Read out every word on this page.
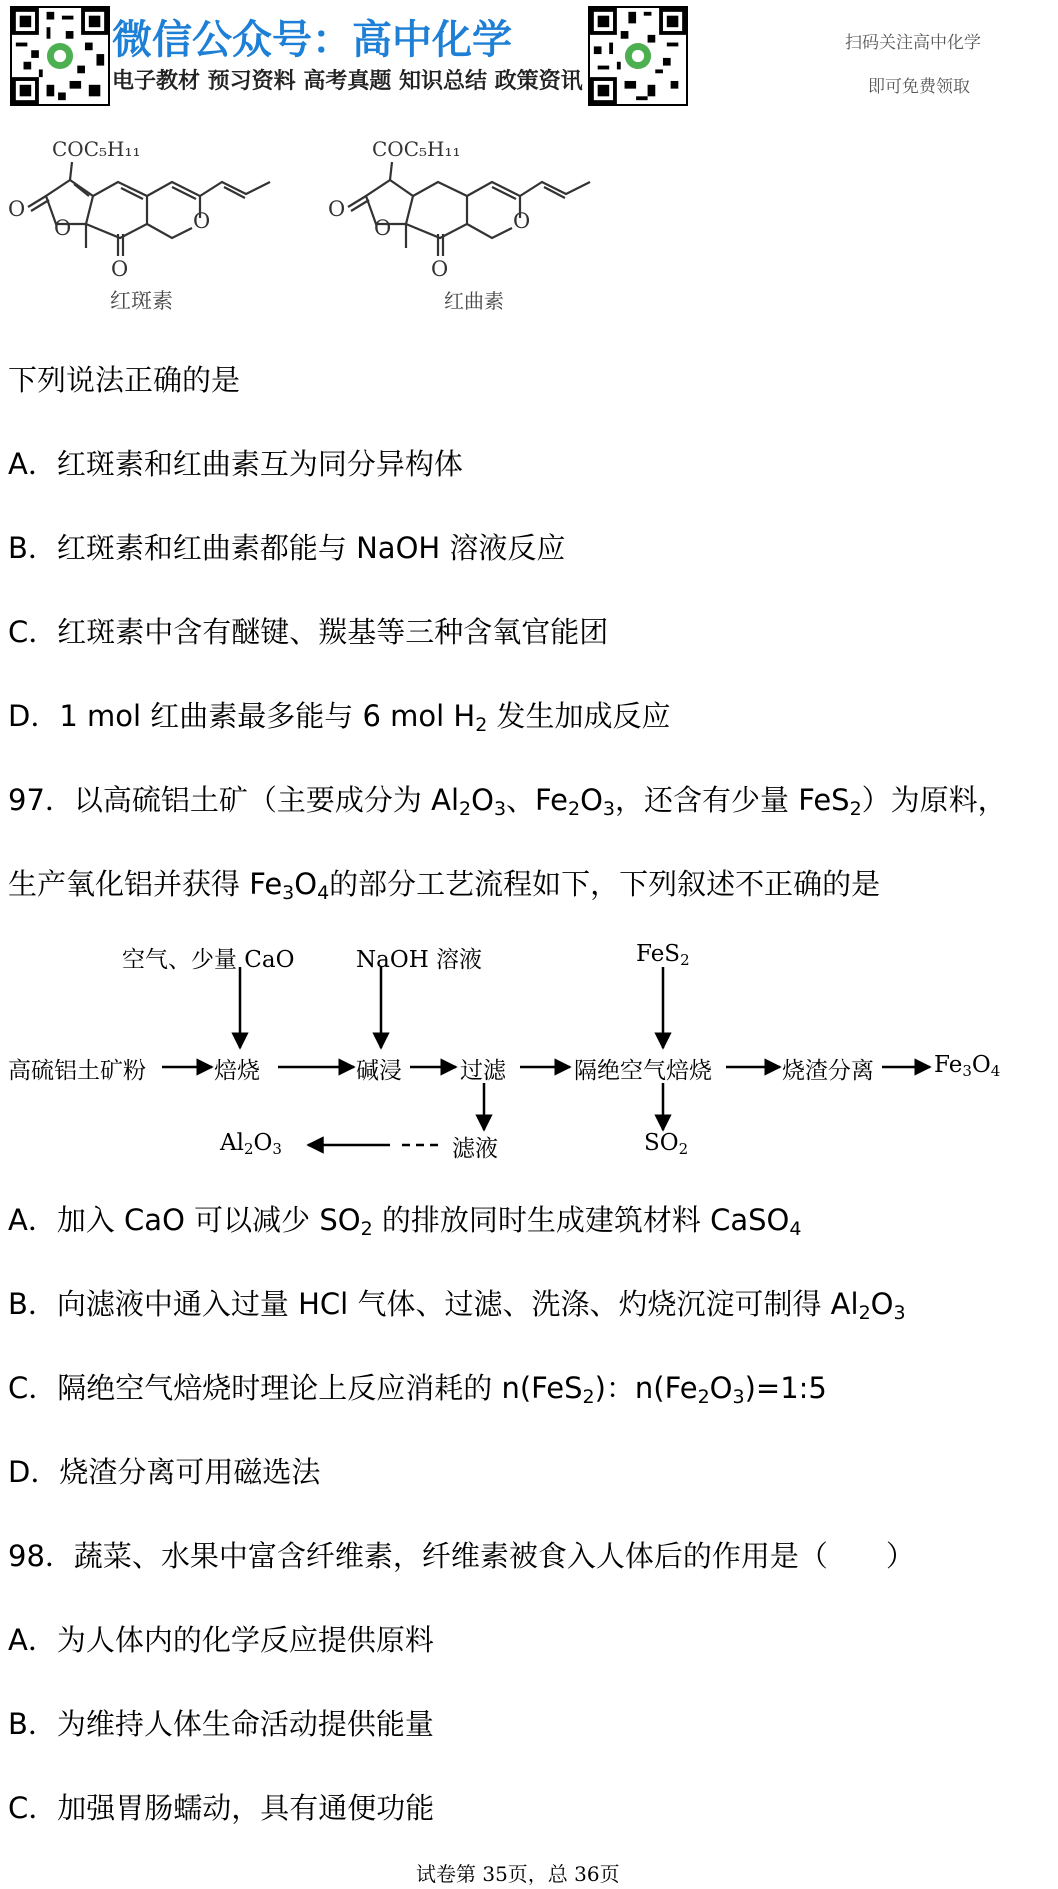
微信公众号：高中化学
电子教材 预习资料 高考真题 知识总结 政策资讯
扫码关注高中化学
即可免费领取
COC₅H₁₁
O
O
O
O
红斑素
COC₅H₁₁
O
O
O
O
红曲素
下列说法正确的是
A．红斑素和红曲素互为同分异构体
B．红斑素和红曲素都能与 NaOH 溶液反应
C．红斑素中含有醚键、羰基等三种含氧官能团
D．1 mol 红曲素最多能与 6 mol $H_2$ 发生加成反应
97．以高硫铝土矿（主要成分为 $Al_2O_3$、$Fe_2O_3$，还含有少量 FeS$_2$）为原料，
生产氧化铝并获得 $Fe_3O_4$的部分工艺流程如下，下列叙述不正确的是
空气、少量 CaO	NaOH 溶液	FeS$_2$
高硫铝土矿粉	焙烧	碱浸	过滤	隔绝空气焙烧	烧渣分离	$Fe_3O_4$
$Al_2O_3$	滤液	$SO_2$
A．加入 CaO 可以减少 $SO_2$ 的排放同时生成建筑材料 CaSO$_4$
B．向滤液中通入过量 HCl 气体、过滤、洗涤、灼烧沉淀可制得 $Al_2O_3$
C．隔绝空气焙烧时理论上反应消耗的 n(FeS$_2$)：$n(Fe_2O_3)=1:5$
D．烧渣分离可用磁选法
98．蔬菜、水果中富含纤维素，纤维素被食入人体后的作用是（　　）
A．为人体内的化学反应提供原料
B．为维持人体生命活动提供能量
C．加强胃肠蠕动，具有通便功能
试卷第 35页，总 36页
